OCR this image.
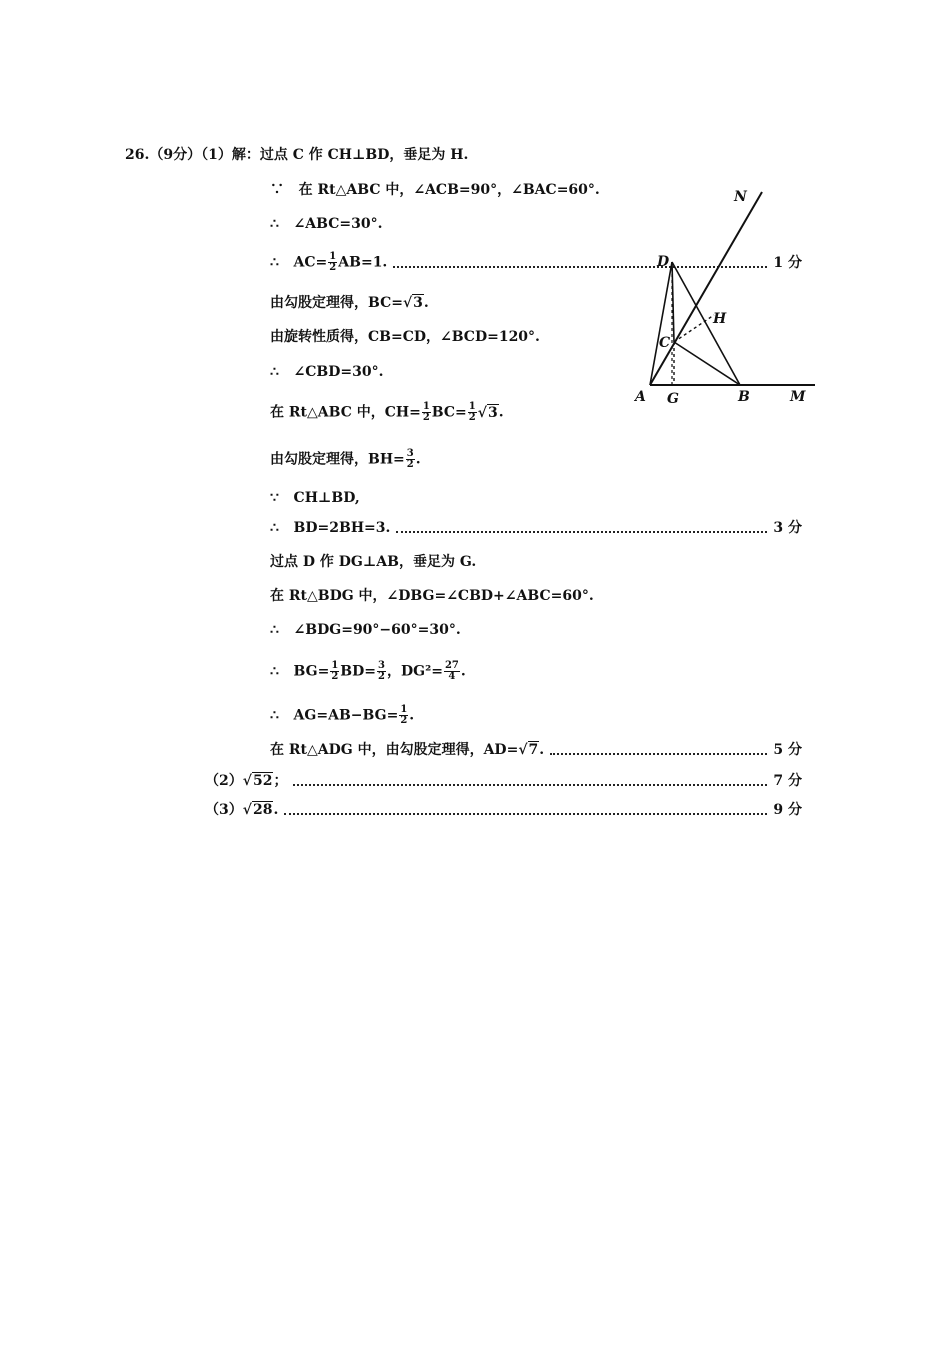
26.（9分）（1）解：过点 C 作 CH⊥BD，垂足为 H.
∵ 在 Rt△ABC 中，∠ACB=90°，∠BAC=60°.
∴ ∠ABC=30°.
∴ $AC= \frac{1}{2} AB=1$.	1 分
由勾股定理得，BC=√3.
由旋转性质得，CB=CD，∠BCD=120°.
∴ ∠CBD=30°.
在 Rt△ABC 中，$CH= \frac{1}{2} BC= \frac{1}{2} √3$.
由勾股定理得，$BH= \frac{3}{2}$ .
∵ CH⊥BD,
∴ BD=2BH=3.	3 分
过点 D 作 DG⊥AB，垂足为 G.
在 Rt△BDG 中，∠DBG=∠CBD+∠ABC=60°.
∴ ∠BDG=90°−60°=30°.
∴ $BG= \frac{1}{2} BD= \frac{3}{2}$ ，$DG^2= \frac{27}{4}$ .
∴ $AG=AB-BG= \frac{1}{2}$ .
在 Rt△ADG 中，由勾股定理得，AD=√7.	5 分
（2）√52；	7 分
（3）√28.	9 分
N
D
H
C
A G	B	M
